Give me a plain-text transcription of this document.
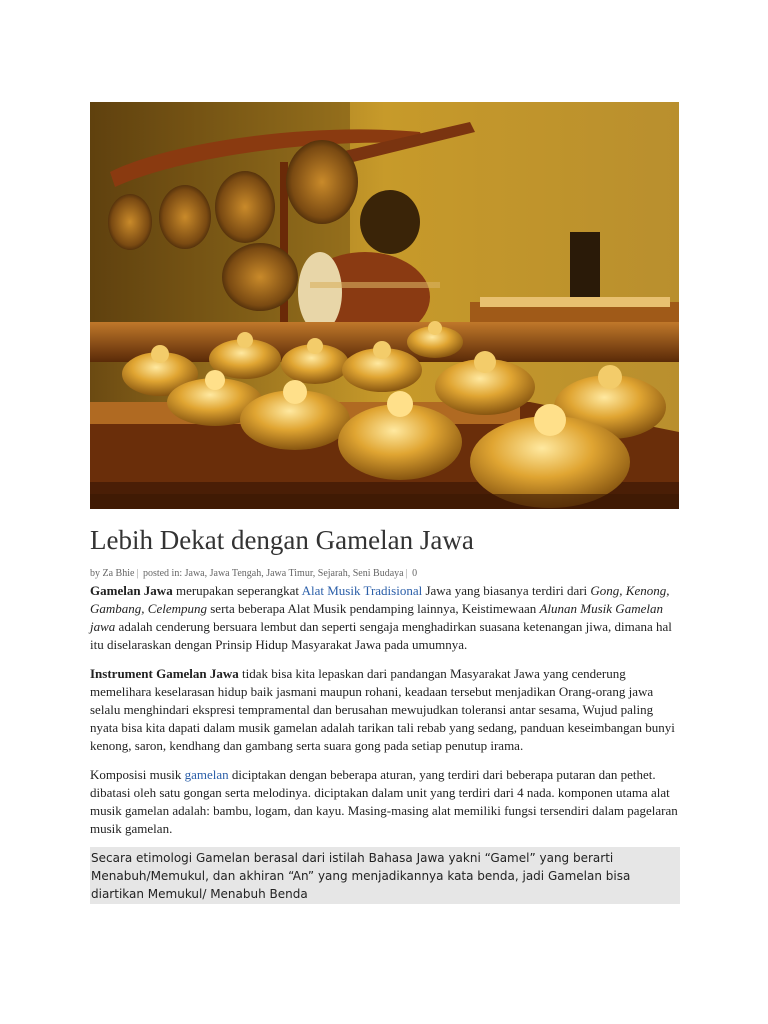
Lebih Dekat dengan Gamelan Jawa
by Za Bhie | posted in: Jawa, Jawa Tengah, Jawa Timur, Sejarah, Seni Budaya | 0

Gamelan Jawa merupakan seperangkat Alat Musik Tradisional Jawa yang biasanya terdiri dari Gong, Kenong, Gambang, Celempung serta beberapa Alat Musik pendamping lainnya, Keistimewaan Alunan Musik Gamelan jawa adalah cenderung bersuara lembut dan seperti sengaja menghadirkan suasana ketenangan jiwa, dimana hal itu diselaraskan dengan Prinsip Hidup Masyarakat Jawa pada umumnya.

Instrument Gamelan Jawa tidak bisa kita lepaskan dari pandangan Masyarakat Jawa yang cenderung memelihara keselarasan hidup baik jasmani maupun rohani, keadaan tersebut menjadikan Orang-orang jawa selalu menghindari ekspresi tempramental dan berusahan mewujudkan toleransi antar sesama, Wujud paling nyata bisa kita dapati dalam musik gamelan adalah tarikan tali rebab yang sedang, panduan keseimbangan bunyi kenong, saron, kendhang dan gambang serta suara gong pada setiap penutup irama.

Komposisi musik gamelan diciptakan dengan beberapa aturan, yang terdiri dari beberapa putaran dan pethet. dibatasi oleh satu gongan serta melodinya. diciptakan dalam unit yang terdiri dari 4 nada. komponen utama alat musik gamelan adalah: bambu, logam, dan kayu. Masing-masing alat memiliki fungsi tersendiri dalam pagelaran musik gamelan.

Secara etimologi Gamelan berasal dari istilah Bahasa Jawa yakni “Gamel” yang berarti Menabuh/Memukul, dan akhiran “An” yang menjadikannya kata benda, jadi Gamelan bisa diartikan Memukul/ Menabuh Benda
